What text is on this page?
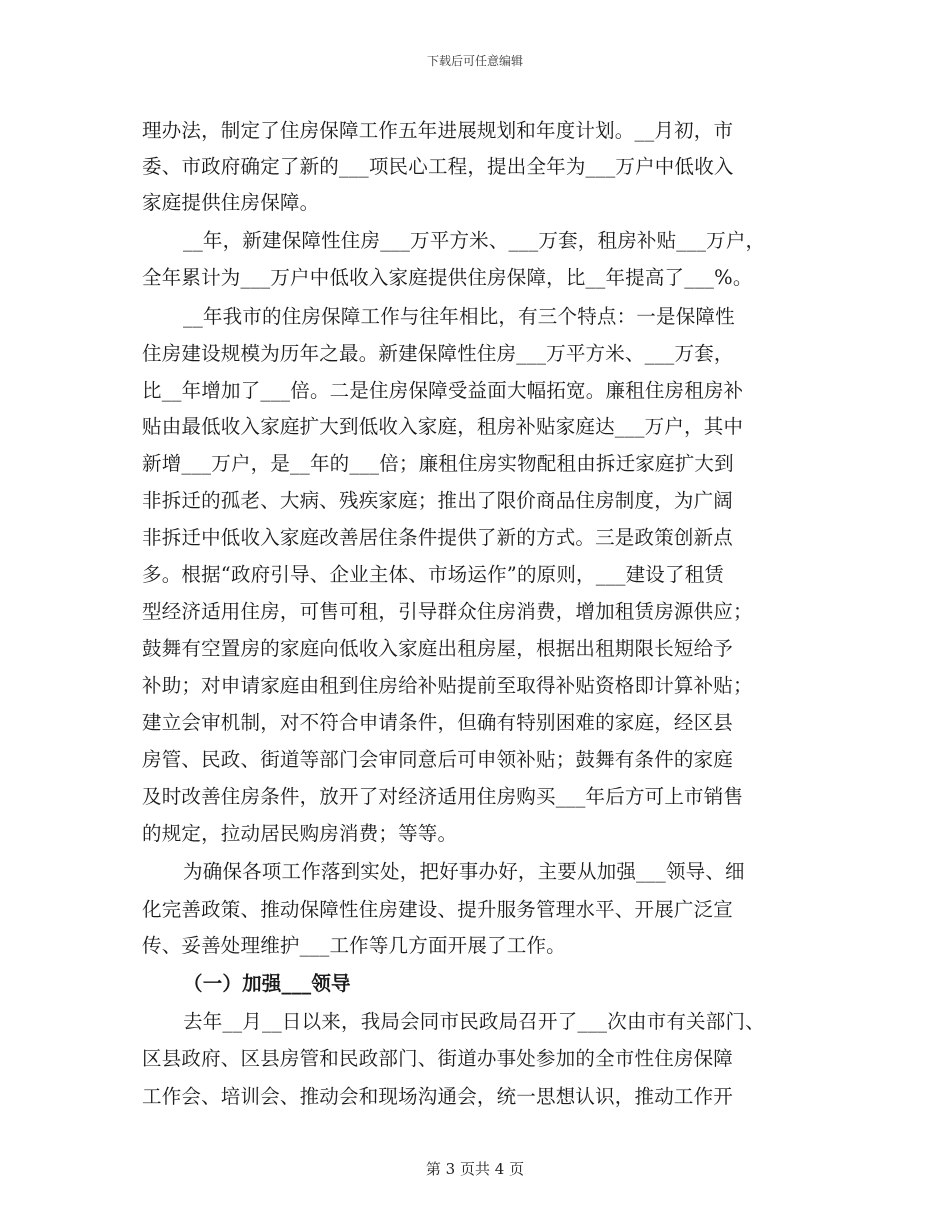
下载后可任意编辑
理办法，制定了住房保障工作五年进展规划和年度计划。__月初，市
委、市政府确定了新的___项民心工程，提出全年为___万户中低收入
家庭提供住房保障。
__年，新建保障性住房___万平方米、___万套，租房补贴___万户，
全年累计为___万户中低收入家庭提供住房保障，比__年提高了___%。
__年我市的住房保障工作与往年相比，有三个特点：一是保障性
住房建设规模为历年之最。新建保障性住房___万平方米、___万套，
比__年增加了___倍。二是住房保障受益面大幅拓宽。廉租住房租房补
贴由最低收入家庭扩大到低收入家庭，租房补贴家庭达___万户，其中
新增___万户，是__年的___倍；廉租住房实物配租由拆迁家庭扩大到
非拆迁的孤老、大病、残疾家庭；推出了限价商品住房制度，为广阔
非拆迁中低收入家庭改善居住条件提供了新的方式。三是政策创新点
多。根据“政府引导、企业主体、市场运作”的原则，___建设了租赁
型经济适用住房，可售可租，引导群众住房消费，增加租赁房源供应；
鼓舞有空置房的家庭向低收入家庭出租房屋，根据出租期限长短给予
补助；对申请家庭由租到住房给补贴提前至取得补贴资格即计算补贴；
建立会审机制，对不符合申请条件，但确有特别困难的家庭，经区县
房管、民政、街道等部门会审同意后可申领补贴；鼓舞有条件的家庭
及时改善住房条件，放开了对经济适用住房购买___年后方可上市销售
的规定，拉动居民购房消费；等等。
为确保各项工作落到实处，把好事办好，主要从加强___领导、细
化完善政策、推动保障性住房建设、提升服务管理水平、开展广泛宣
传、妥善处理维护___工作等几方面开展了工作。
（一）加强___领导
去年__月__日以来，我局会同市民政局召开了___次由市有关部门、
区县政府、区县房管和民政部门、街道办事处参加的全市性住房保障
工作会、培训会、推动会和现场沟通会，统一思想认识，推动工作开
第 3 页共 4 页
